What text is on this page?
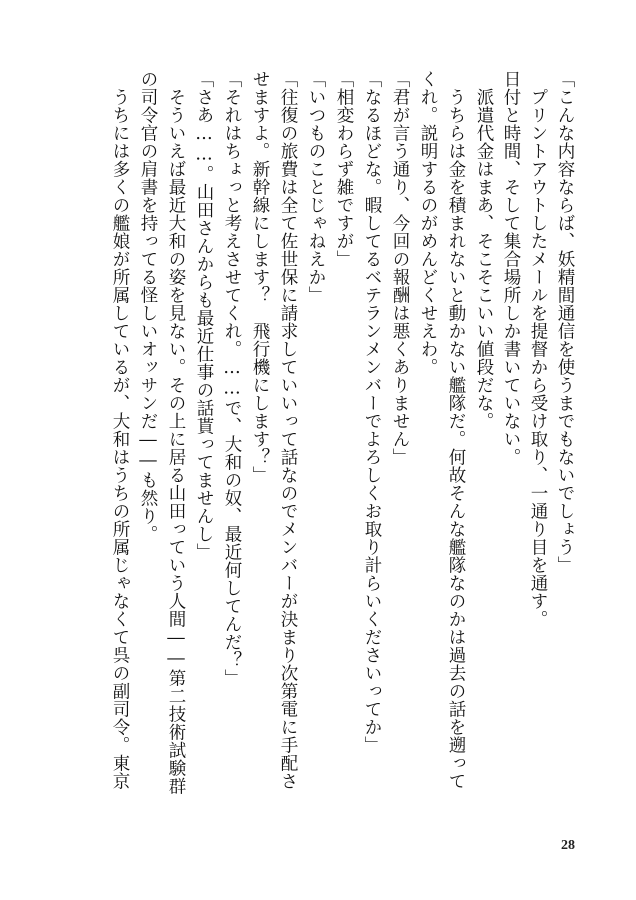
「こんな内容ならば、妖精間通信を使うまでもないでしょう」
　プリントアウトしたメールを提督から受け取り、一通り目を通す。
日付と時間、そして集合場所しか書いていない。
　派遣代金はまあ、そこそこいい値段だな。
　うちらは金を積まれないと動かない艦隊だ。何故そんな艦隊なのかは過去の話を遡って
くれ。説明するのがめんどくせえわ。
「君が言う通り、今回の報酬は悪くありません」
「なるほどな。暇してるベテランメンバーでよろしくお取り計らいくださいってか」
「相変わらず雑ですが」
「いつものことじゃねえか」
「往復の旅費は全て佐世保に請求していいって話なのでメンバーが決まり次第電に手配さ
せますよ。新幹線にします？　飛行機にします？」
「それはちょっと考えさせてくれ。……で、大和の奴、最近何してんだ？」
「さあ……。山田さんからも最近仕事の話貰ってませんし」
　そういえば最近大和の姿を見ない。その上に居る山田っていう人間――第二技術試験群
の司令官の肩書を持ってる怪しいオッサンだ――も然り。
　うちには多くの艦娘が所属しているが、大和はうちの所属じゃなくて呉の副司令。東京
28
